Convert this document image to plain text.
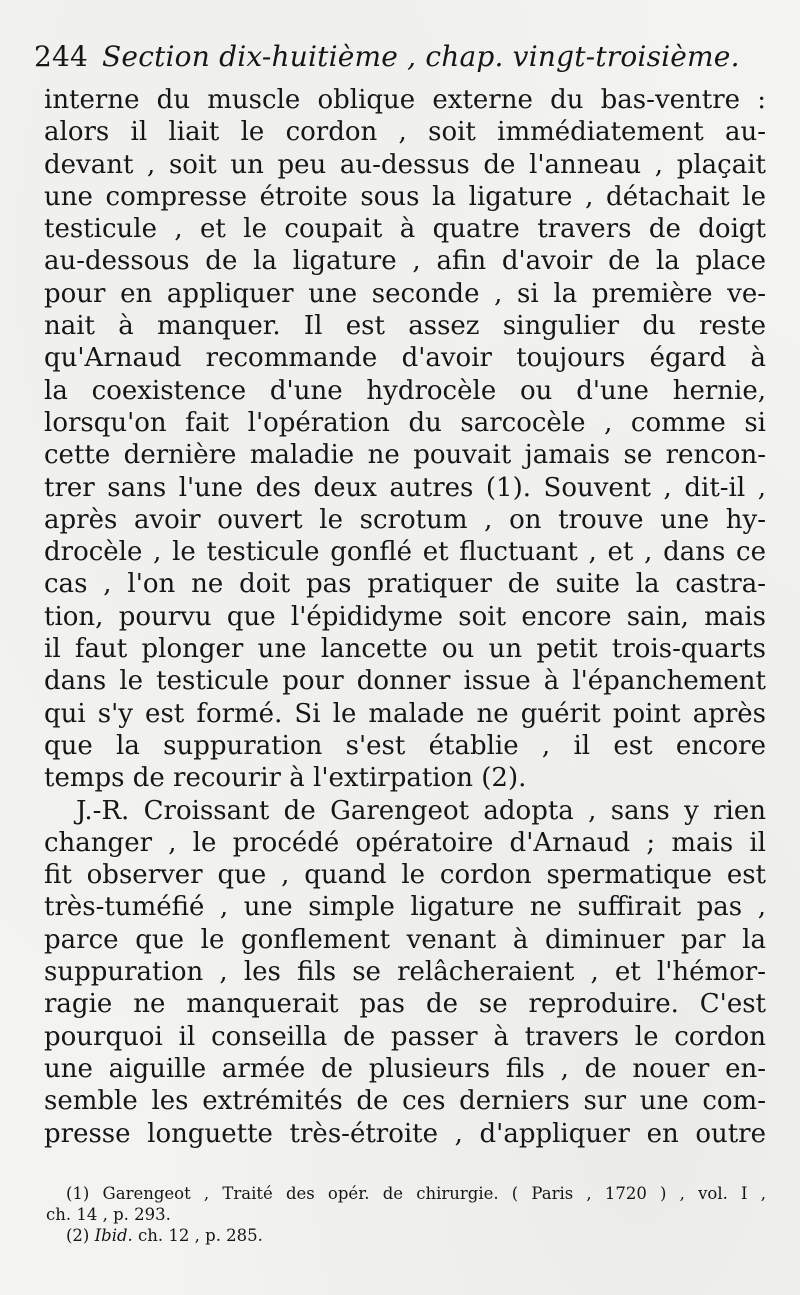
244 Section dix-huitième , chap. vingt-troisième.
interne du muscle oblique externe du bas-ventre :
alors il liait le cordon , soit immédiatement au-
devant , soit un peu au-dessus de l'anneau , plaçait
une compresse étroite sous la ligature , détachait le
testicule , et le coupait à quatre travers de doigt
au-dessous de la ligature , afin d'avoir de la place
pour en appliquer une seconde , si la première ve-
nait à manquer. Il est assez singulier du reste
qu'Arnaud recommande d'avoir toujours égard à
la coexistence d'une hydrocèle ou d'une hernie,
lorsqu'on fait l'opération du sarcocèle , comme si
cette dernière maladie ne pouvait jamais se rencon-
trer sans l'une des deux autres (1). Souvent , dit-il ,
après avoir ouvert le scrotum , on trouve une hy-
drocèle , le testicule gonflé et fluctuant , et , dans ce
cas , l'on ne doit pas pratiquer de suite la castra-
tion, pourvu que l'épididyme soit encore sain, mais
il faut plonger une lancette ou un petit trois-quarts
dans le testicule pour donner issue à l'épanchement
qui s'y est formé. Si le malade ne guérit point après
que la suppuration s'est établie , il est encore
temps de recourir à l'extirpation (2).
J.-R. Croissant de Garengeot adopta , sans y rien
changer , le procédé opératoire d'Arnaud ; mais il
fit observer que , quand le cordon spermatique est
très-tuméfié , une simple ligature ne suffirait pas ,
parce que le gonflement venant à diminuer par la
suppuration , les fils se relâcheraient , et l'hémor-
ragie ne manquerait pas de se reproduire. C'est
pourquoi il conseilla de passer à travers le cordon
une aiguille armée de plusieurs fils , de nouer en-
semble les extrémités de ces derniers sur une com-
presse longuette très-étroite , d'appliquer en outre
(1) Garengeot , Traité des opér. de chirurgie. ( Paris , 1720 ) , vol. I ,
ch. 14 , p. 293.
(2) Ibid. ch. 12 , p. 285.
